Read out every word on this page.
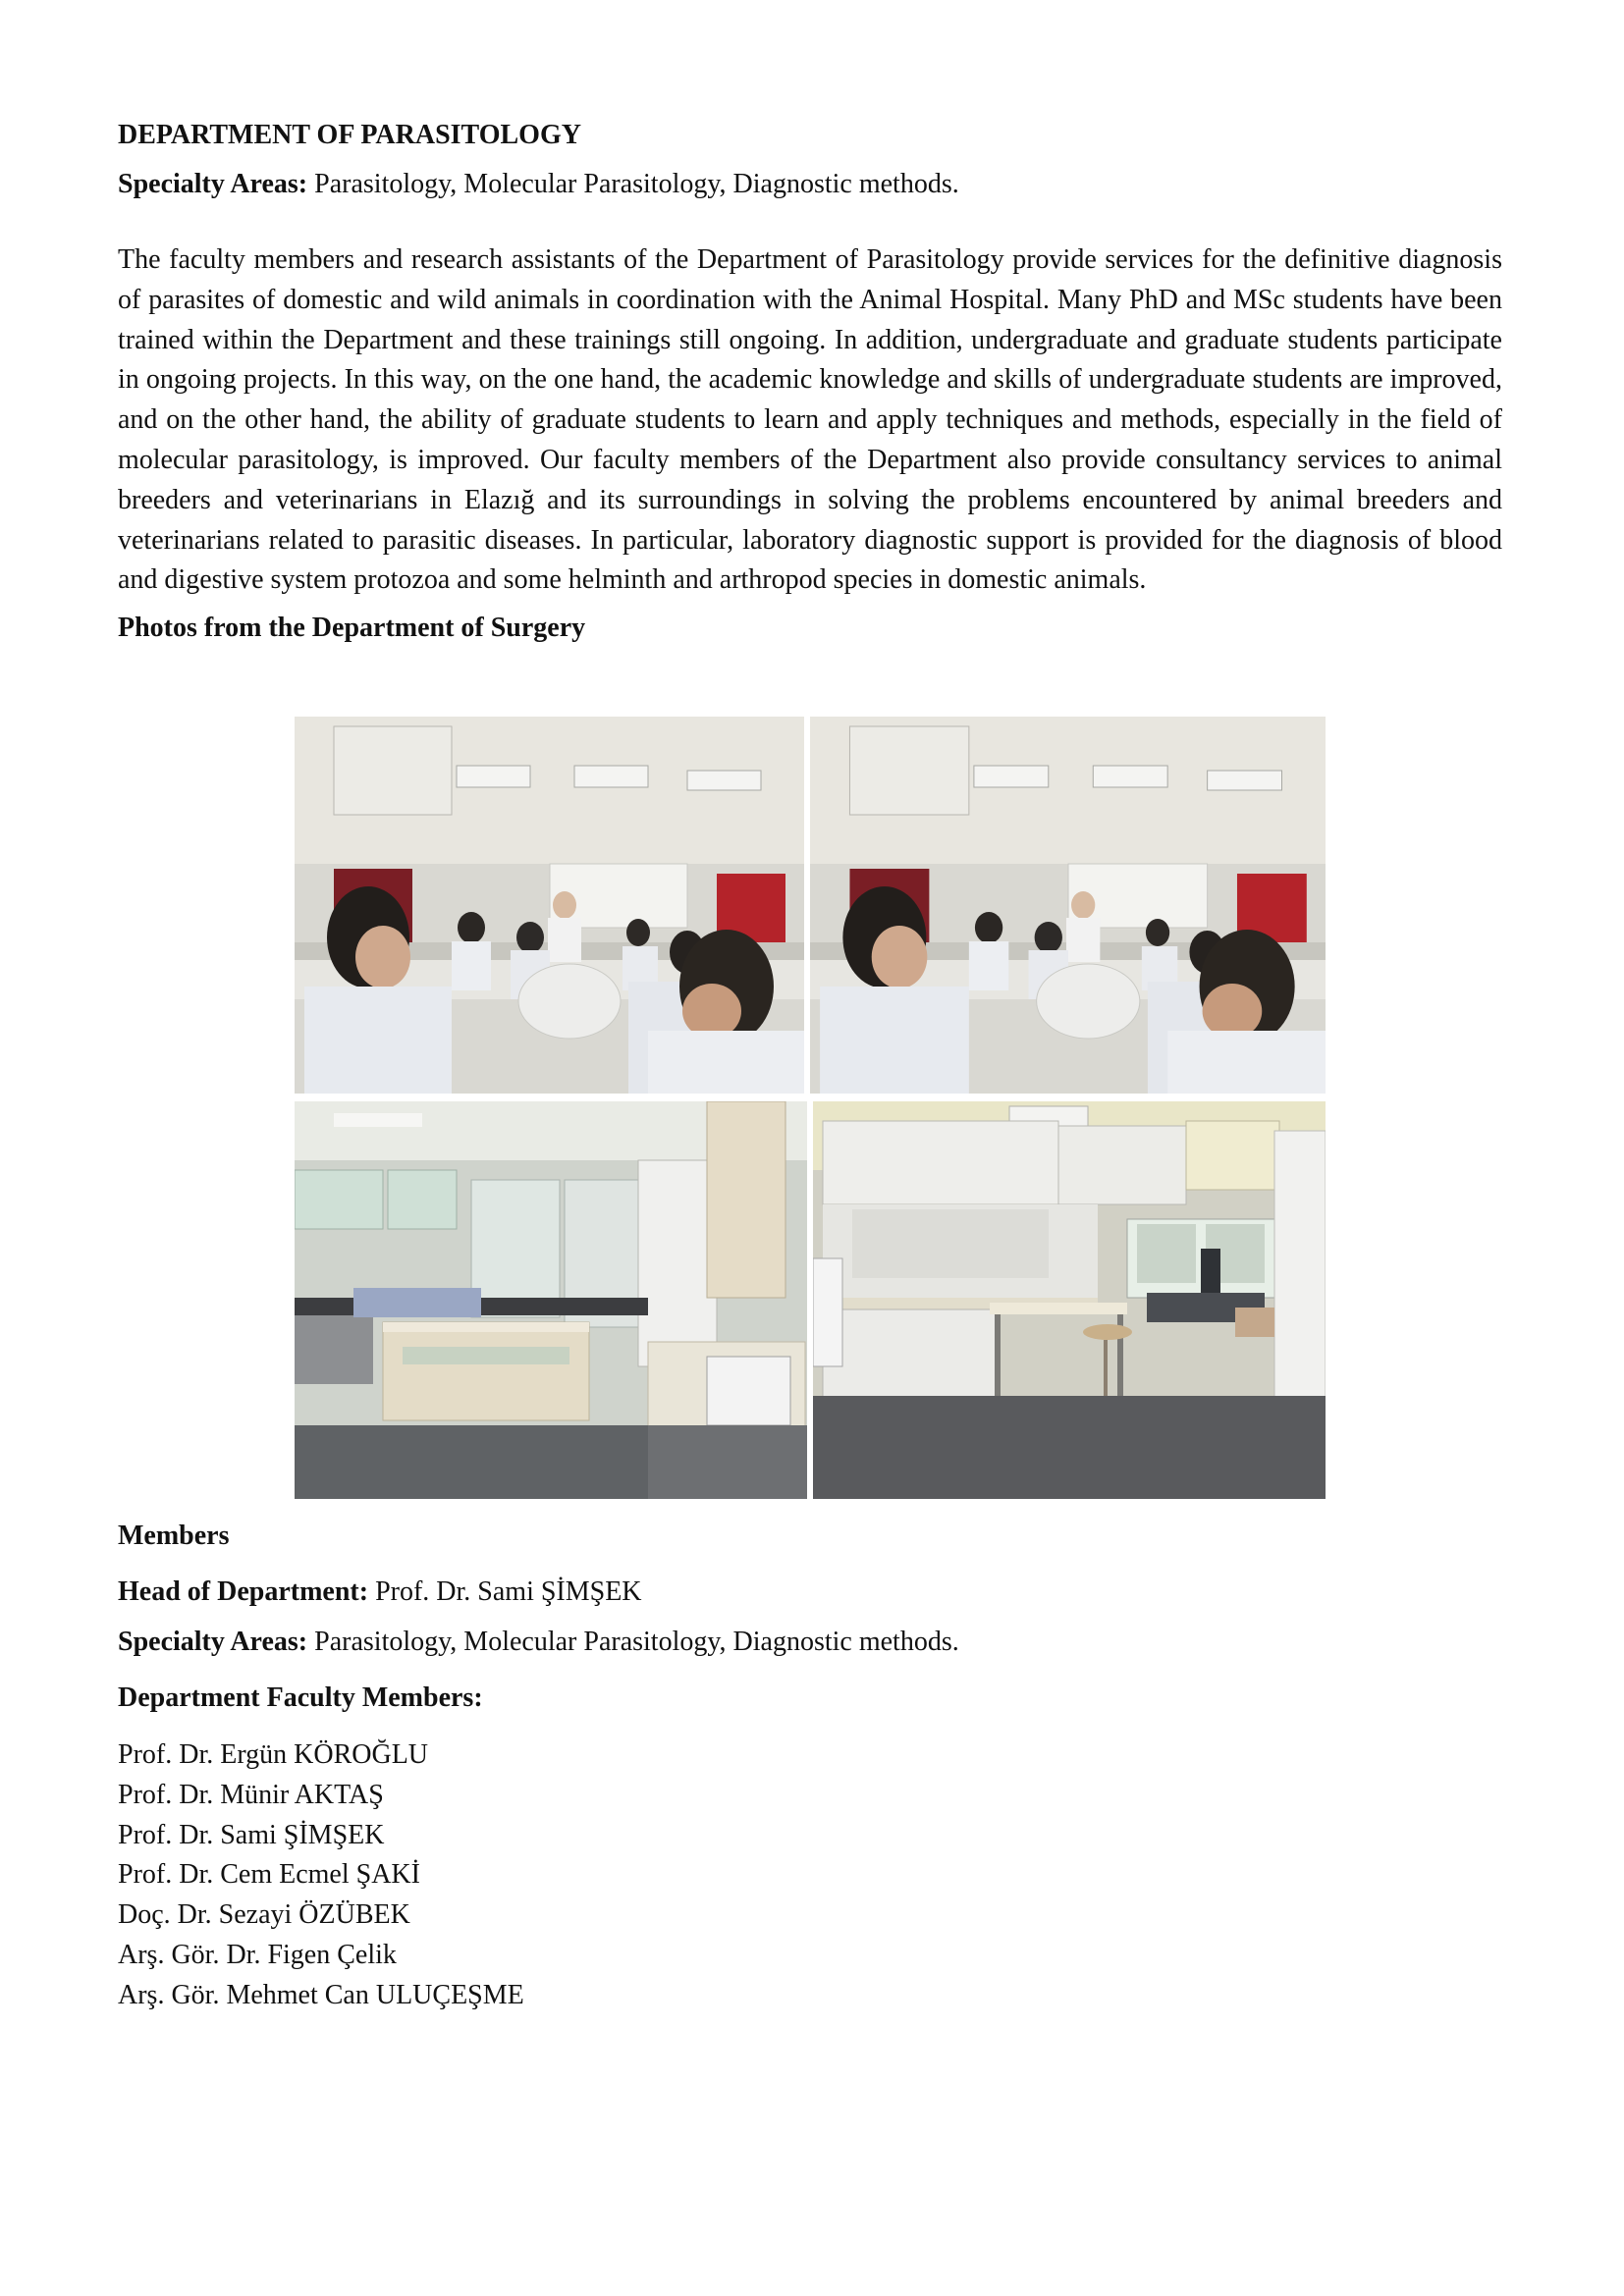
DEPARTMENT OF PARASITOLOGY

Specialty Areas: Parasitology, Molecular Parasitology, Diagnostic methods.

The faculty members and research assistants of the Department of Parasitology provide services for the definitive diagnosis of parasites of domestic and wild animals in coordination with the Animal Hospital. Many PhD and MSc students have been trained within the Department and these trainings still ongoing. In addition, undergraduate and graduate students participate in ongoing projects. In this way, on the one hand, the academic knowledge and skills of undergraduate students are improved, and on the other hand, the ability of graduate students to learn and apply techniques and methods, especially in the field of molecular parasitology, is improved. Our faculty members of the Department also provide consultancy services to animal breeders and veterinarians in Elazığ and its surroundings in solving the problems encountered by animal breeders and veterinarians related to parasitic diseases. In particular, laboratory diagnostic support is provided for the diagnosis of blood and digestive system protozoa and some helminth and arthropod species in domestic animals.

Photos from the Department of Surgery

Members

Head of Department: Prof. Dr. Sami ŞİMŞEK

Specialty Areas: Parasitology, Molecular Parasitology, Diagnostic methods.

Department Faculty Members:

Prof. Dr. Ergün KÖROĞLU
Prof. Dr. Münir AKTAŞ
Prof. Dr. Sami ŞİMŞEK
Prof. Dr. Cem Ecmel ŞAKİ
Doç. Dr. Sezayi ÖZÜBEK
Arş. Gör. Dr. Figen Çelik
Arş. Gör. Mehmet Can ULUÇEŞME
